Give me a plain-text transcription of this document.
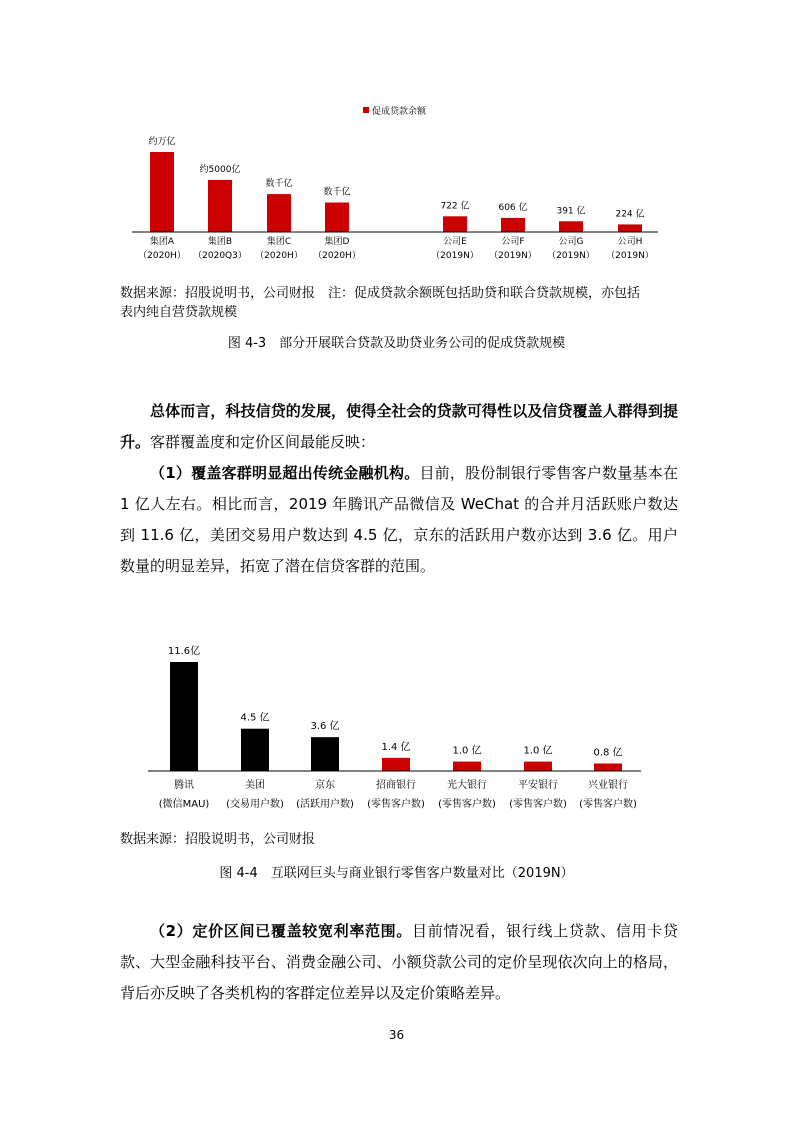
促成贷款余额
约万亿
集团A
（2020H）
约5000亿
集团B
（2020Q3）
数千亿
集团C
（2020H）
数千亿
集团D
（2020H）
722 亿
公司E
（2019N）
606 亿
公司F
（2019N）
391 亿
公司G
（2019N）
224 亿
公司H
（2019N）
数据来源：招股说明书，公司财报　注：促成贷款余额既包括助贷和联合贷款规模，亦包括
表内纯自营贷款规模
图 4-3　部分开展联合贷款及助贷业务公司的促成贷款规模
总体而言，科技信贷的发展，使得全社会的贷款可得性以及信贷覆盖人群得到提升。客群覆盖度和定价区间最能反映：
（1）覆盖客群明显超出传统金融机构。目前，股份制银行零售客户数量基本在 1 亿人左右。相比而言，2019 年腾讯产品微信及 WeChat 的合并月活跃账户数达到 11.6 亿，美团交易用户数达到 4.5 亿，京东的活跃用户数亦达到 3.6 亿。用户数量的明显差异，拓宽了潜在信贷客群的范围。
11.6亿
腾讯
(微信MAU)
4.5 亿
美团
(交易用户数)
3.6 亿
京东
(活跃用户数)
1.4 亿
招商银行
(零售客户数)
1.0 亿
光大银行
(零售客户数)
1.0 亿
平安银行
(零售客户数)
0.8 亿
兴业银行
(零售客户数)
数据来源：招股说明书，公司财报
图 4-4　互联网巨头与商业银行零售客户数量对比（2019N）
（2）定价区间已覆盖较宽利率范围。目前情况看，银行线上贷款、信用卡贷款、大型金融科技平台、消费金融公司、小额贷款公司的定价呈现依次向上的格局，背后亦反映了各类机构的客群定位差异以及定价策略差异。
36
